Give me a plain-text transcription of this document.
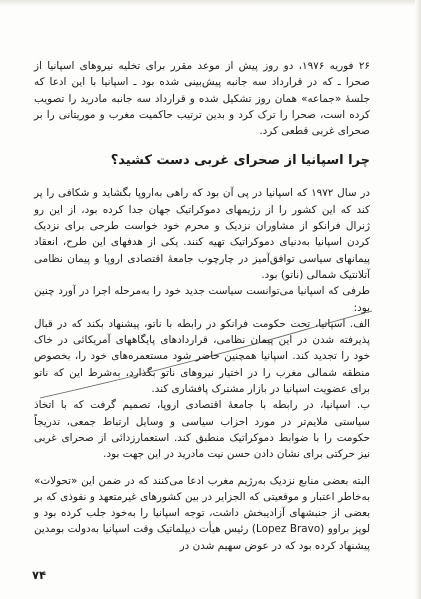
۲۶ فوریه ۱۹۷۶، دو روز پیش از موعد مقرر برای تخلیه نیروهای اسپانیا از صحرا ـ که در قرارداد سه جانبه پیش‌بینی شده بود ـ اسپانیا با این ادعا که جلسهٔ «جماعه» همان روز تشکیل شده و قرارداد سه جانبه مادرید را تصویب کرده است، صحرا را ترک کرد و بدین ترتیب حاکمیت مغرب و موریتانی را بر صحرای غربی قطعی کرد.

چرا اسپانیا از صحرای غربی دست کشید؟

در سال ۱۹۷۲ که اسپانیا در پی آن بود که راهی به‌اروپا بگشاید و شکافی را پر کند که این کشور را از رژیمهای دموکراتیک جهان جدا کرده بود، از این رو ژنرال فرانکو از مشاوران نزدیک و محرم خود خواست طرحی برای نزدیک کردن اسپانیا به‌دنیای دموکراتیک تهیه کنند. یکی از هدفهای این طرح، انعقاد پیمانهای سیاسی توافق‌آمیز در چارچوب جامعهٔ اقتصادی اروپا و پیمان نظامی آتلانتیک شمالی (ناتو) بود.

طرفی که اسپانیا می‌توانست سیاست جدید خود را به‌مرحله اجرا در آورد چنین بود:

الف. اسپانیا، تحت حکومت فرانکو در رابطه با ناتو، پیشنهاد بکند که در قبال پذیرفته شدن در این پیمان نظامی، قراردادهای پایگاههای آمریکائی در خاک خود را تجدید کند. اسپانیا همچنین حاضر شود مستعمره‌های خود را، بخصوص منطقه شمالی مغرب را در اختیار نیروهای ناتو بگذارد، به‌شرط این که ناتو برای عضویت اسپانیا در بازار مشترک پافشاری کند.

ب. اسپانیا، در رابطه با جامعهٔ اقتصادی اروپا، تصمیم گرفت که با اتخاذ سیاستی ملایم‌تر در مورد احزاب سیاسی و وسایل ارتباط جمعی، تدریجاً حکومت را با ضوابط دموکراتیک منطبق کند. استعمارزدائی از صحرای غربی نیز حرکتی برای نشان دادن حسن نیت مادرید در این جهت بود.

البته بعضی منابع نزدیک به‌رژیم مغرب ادعا می‌کنند که در ضمن این «تحولات» به‌خاطر اعتبار و موقعیتی که الجزایر در بین کشورهای غیرمتعهد و نفوذی که بر بعضی از جنبشهای آزادیبخش داشت، توجه اسپانیا را به‌خود جلب کرده بود و لوپز براوو (Lopez Bravo) رئیس هیأت دیپلماتیک وقت اسپانیا به‌دولت بومدین پیشنهاد کرده بود که در عوض سهیم شدن در

۷۴
